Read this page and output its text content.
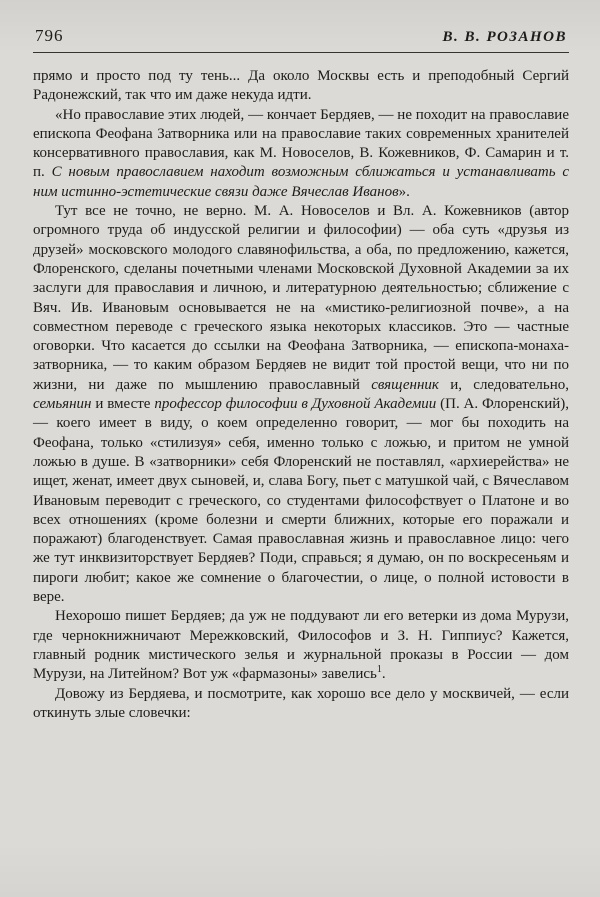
796	В. В. РОЗАНОВ

прямо и просто под ту тень... Да около Москвы есть и преподобный Сергий Радонежский, так что им даже некуда идти.

«Но православие этих людей, — кончает Бердяев, — не походит на православие епископа Феофана Затворника или на православие таких современных хранителей консервативного православия, как М. Новоселов, В. Кожевников, Ф. Самарин и т. п. С новым православием находит возможным сближаться и устанавливать с ним истинно-эстетические связи даже Вячеслав Иванов».

Тут все не точно, не верно. М. А. Новоселов и Вл. А. Кожевников (автор огромного труда об индусской религии и философии) — оба суть «друзья из друзей» московского молодого славянофильства, а оба, по предложению, кажется, Флоренского, сделаны почетными членами Московской Духовной Академии за их заслуги для православия и личною, и литературною деятельностью; сближение с Вяч. Ив. Ивановым основывается не на «мистико-религиозной почве», а на совместном переводе с греческого языка некоторых классиков. Это — частные оговорки. Что касается до ссылки на Феофана Затворника, — епископа-монаха-затворника, — то каким образом Бердяев не видит той простой вещи, что ни по жизни, ни даже по мышлению православный священник и, следовательно, семьянин и вместе профессор философии в Духовной Академии (П. А. Флоренский), — коего имеет в виду, о коем определенно говорит, — мог бы походить на Феофана, только «стилизуя» себя, именно только с ложью, и притом не умной ложью в душе. В «затворники» себя Флоренский не поставлял, «архиерейства» не ищет, женат, имеет двух сыновей, и, слава Богу, пьет с матушкой чай, с Вячеславом Ивановым переводит с греческого, со студентами философствует о Платоне и во всех отношениях (кроме болезни и смерти ближних, которые его поражали и поражают) благоденствует. Самая православная жизнь и православное лицо: чего же тут инквизиторствует Бердяев? Поди, справься; я думаю, он по воскресеньям и пироги любит; какое же сомнение о благочестии, о лице, о полной истовости в вере.

Нехорошо пишет Бердяев; да уж не поддувают ли его ветерки из дома Мурузи, где чернокнижничают Мережковский, Философов и З. Н. Гиппиус? Кажется, главный родник мистического зелья и журнальной проказы в России — дом Мурузи, на Литейном? Вот уж «фармазоны» завелись$^1$.

Довожу из Бердяева, и посмотрите, как хорошо все дело у москвичей, — если откинуть злые словечки:
